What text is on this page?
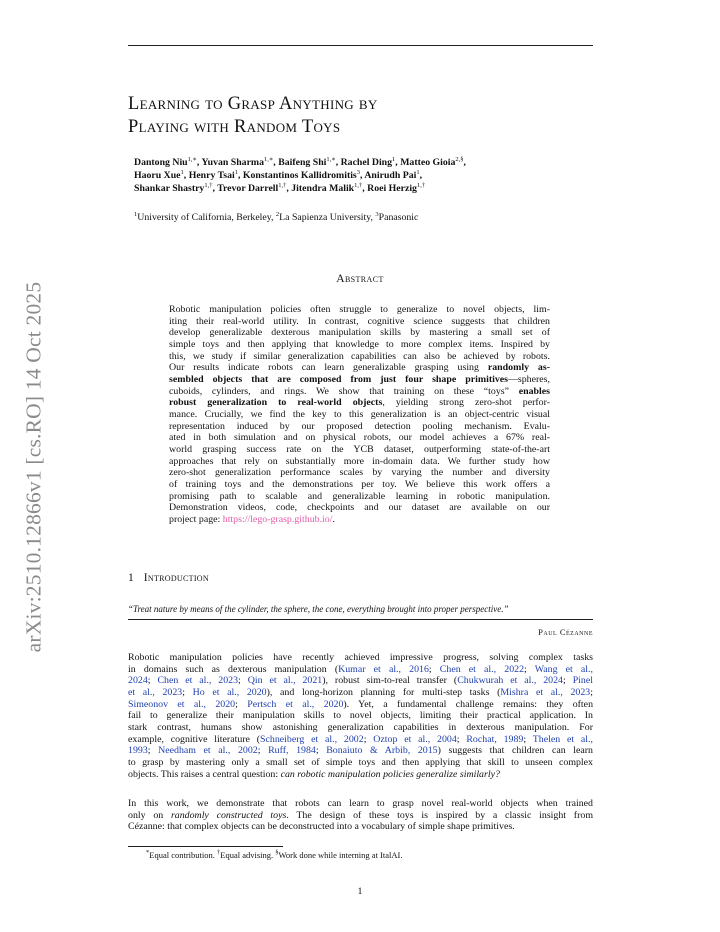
arXiv:2510.12866v1 [cs.RO] 14 Oct 2025
Learning to Grasp Anything by
Playing with Random Toys
Dantong Niu$^{1,∗}$, Yuvan Sharma$^{1,∗}$, Baifeng Shi$^{1,∗}$, Rachel Ding$^1$, Matteo Gioia$^{2,\S}$,
Haoru Xue$^1$, Henry Tsai$^1$, Konstantinos Kallidromitis$^3$, Anirudh Pai$^1$,
Shankar Shastry$^{1,\dagger}$, Trevor Darrell$^{1,\dagger}$, Jitendra Malik$^{1,\dagger}$, Roei Herzig$^{1,\dagger}$
$^1$University of California, Berkeley, $^2$La Sapienza University, $^3$Panasonic
Abstract
Robotic manipulation policies often struggle to generalize to novel objects, lim-
iting their real-world utility. In contrast, cognitive science suggests that children
develop generalizable dexterous manipulation skills by mastering a small set of
simple toys and then applying that knowledge to more complex items. Inspired by
this, we study if similar generalization capabilities can also be achieved by robots.
Our results indicate robots can learn generalizable grasping using randomly as-
sembled objects that are composed from just four shape primitives—spheres,
cuboids, cylinders, and rings. We show that training on these “toys” enables
robust generalization to real-world objects, yielding strong zero-shot perfor-
mance. Crucially, we find the key to this generalization is an object-centric visual
representation induced by our proposed detection pooling mechanism. Evalu-
ated in both simulation and on physical robots, our model achieves a 67% real-
world grasping success rate on the YCB dataset, outperforming state-of-the-art
approaches that rely on substantially more in-domain data. We further study how
zero-shot generalization performance scales by varying the number and diversity
of training toys and the demonstrations per toy. We believe this work offers a
promising path to scalable and generalizable learning in robotic manipulation.
Demonstration videos, code, checkpoints and our dataset are available on our
project page: https://lego-grasp.github.io/.
1 Introduction
“Treat nature by means of the cylinder, the sphere, the cone, everything brought into proper perspective.”
Paul Cézanne
Robotic manipulation policies have recently achieved impressive progress, solving complex tasks
in domains such as dexterous manipulation (Kumar et al., 2016; Chen et al., 2022; Wang et al.,
2024; Chen et al., 2023; Qin et al., 2021), robust sim-to-real transfer (Chukwurah et al., 2024; Pinel
et al., 2023; Ho et al., 2020), and long-horizon planning for multi-step tasks (Mishra et al., 2023;
Simeonov et al., 2020; Pertsch et al., 2020). Yet, a fundamental challenge remains: they often
fail to generalize their manipulation skills to novel objects, limiting their practical application. In
stark contrast, humans show astonishing generalization capabilities in dexterous manipulation. For
example, cognitive literature (Schneiberg et al., 2002; Oztop et al., 2004; Rochat, 1989; Thelen et al.,
1993; Needham et al., 2002; Ruff, 1984; Bonaiuto & Arbib, 2015) suggests that children can learn
to grasp by mastering only a small set of simple toys and then applying that skill to unseen complex
objects. This raises a central question: can robotic manipulation policies generalize similarly?
In this work, we demonstrate that robots can learn to grasp novel real-world objects when trained
only on randomly constructed toys. The design of these toys is inspired by a classic insight from
Cézanne: that complex objects can be deconstructed into a vocabulary of simple shape primitives.
*Equal contribution. †Equal advising. §Work done while interning at ItalAI.
1
